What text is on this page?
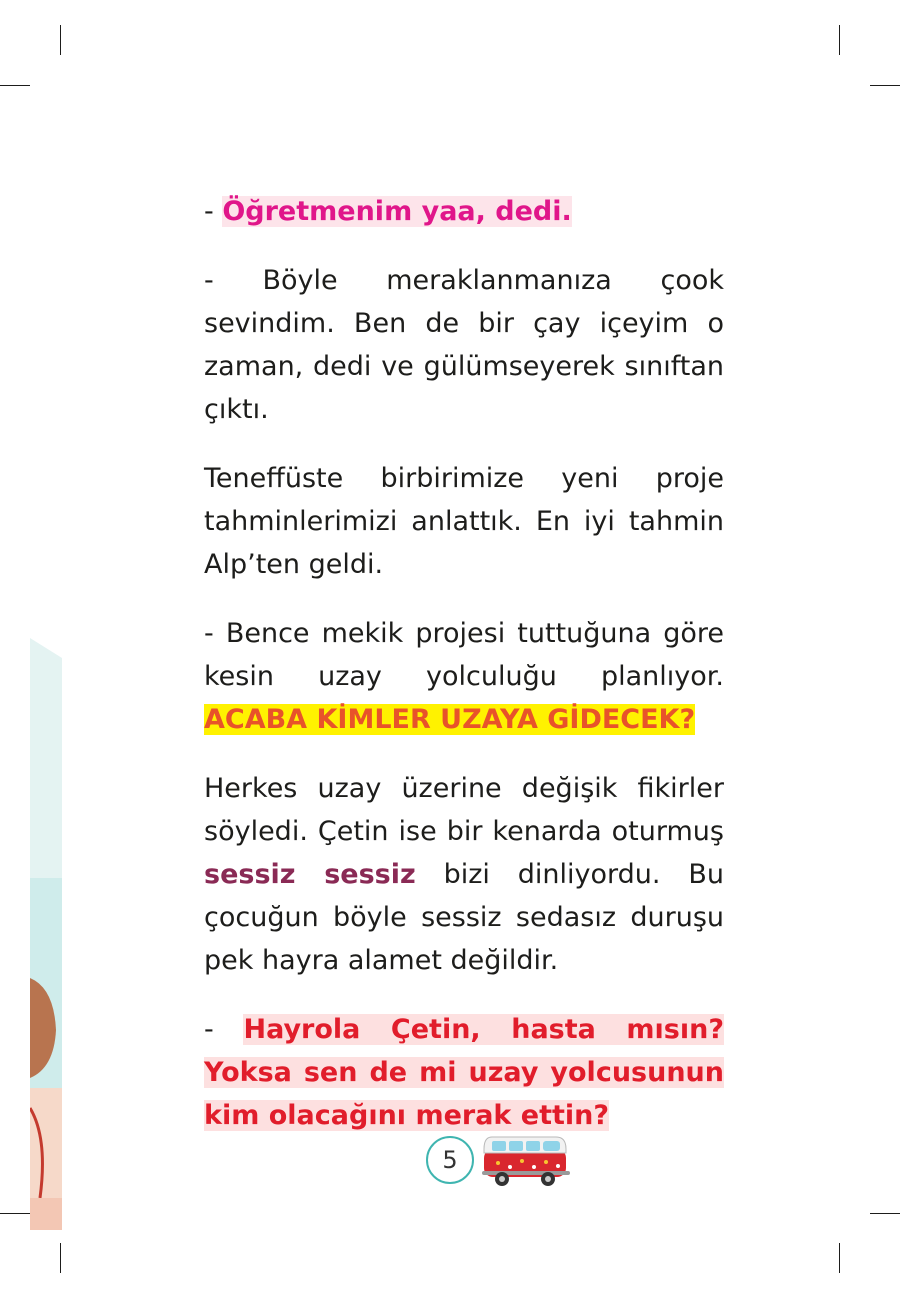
- Öğretmenim yaa, dedi.

- Böyle meraklanmanıza çook sevindim. Ben de bir çay içeyim o zaman, dedi ve gülümseyerek sınıftan çıktı.

Teneffüste birbirimize yeni proje tahminlerimizi anlattık. En iyi tahmin Alp’ten geldi.

- Bence mekik projesi tuttuğuna göre kesin uzay yolculuğu planlıyor. ACABA KİMLER UZAYA GİDECEK?

Herkes uzay üzerine değişik fikirler söyledi. Çetin ise bir kenarda oturmuş sessiz sessiz bizi dinliyordu. Bu çocuğun böyle sessiz sedasız duruşu pek hayra alamet değildir.

- Hayrola Çetin, hasta mısın? Yoksa sen de mi uzay yolcusunun kim olacağını merak ettin?

5
